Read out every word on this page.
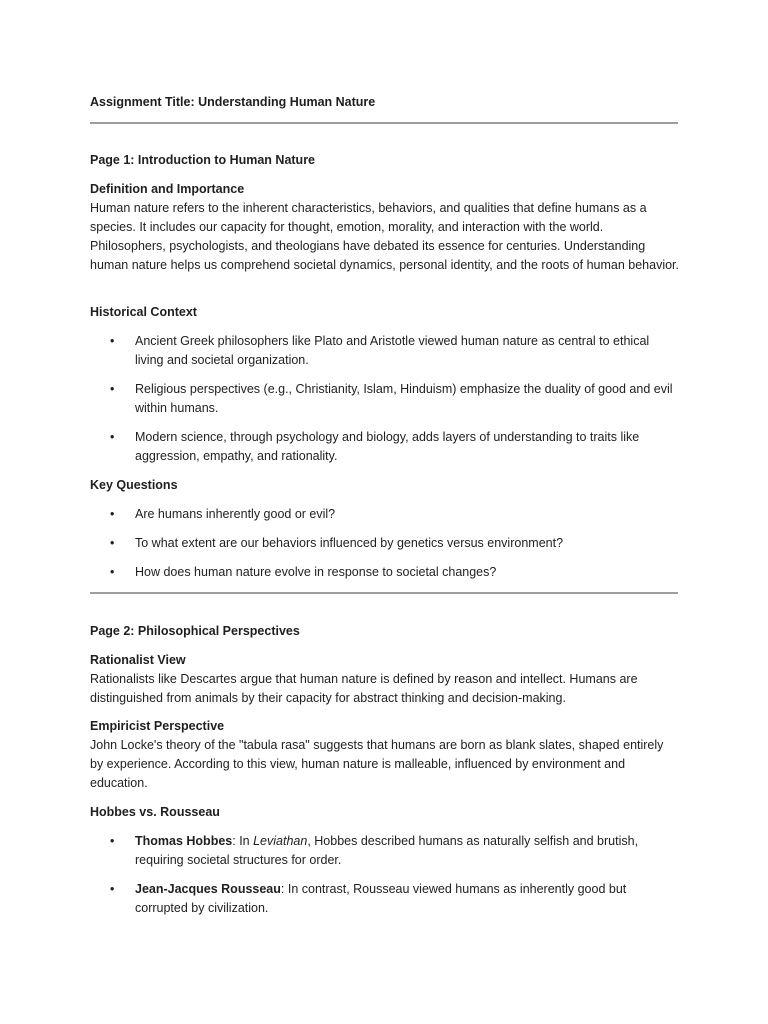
Assignment Title: Understanding Human Nature

Page 1: Introduction to Human Nature

Definition and Importance

Human nature refers to the inherent characteristics, behaviors, and qualities that define humans as a species. It includes our capacity for thought, emotion, morality, and interaction with the world. Philosophers, psychologists, and theologians have debated its essence for centuries. Understanding human nature helps us comprehend societal dynamics, personal identity, and the roots of human behavior.

Historical Context

• Ancient Greek philosophers like Plato and Aristotle viewed human nature as central to ethical living and societal organization.
• Religious perspectives (e.g., Christianity, Islam, Hinduism) emphasize the duality of good and evil within humans.
• Modern science, through psychology and biology, adds layers of understanding to traits like aggression, empathy, and rationality.

Key Questions

• Are humans inherently good or evil?
• To what extent are our behaviors influenced by genetics versus environment?
• How does human nature evolve in response to societal changes?

Page 2: Philosophical Perspectives

Rationalist View

Rationalists like Descartes argue that human nature is defined by reason and intellect. Humans are distinguished from animals by their capacity for abstract thinking and decision-making.

Empiricist Perspective

John Locke's theory of the "tabula rasa" suggests that humans are born as blank slates, shaped entirely by experience. According to this view, human nature is malleable, influenced by environment and education.

Hobbes vs. Rousseau

• Thomas Hobbes: In Leviathan, Hobbes described humans as naturally selfish and brutish, requiring societal structures for order.
• Jean-Jacques Rousseau: In contrast, Rousseau viewed humans as inherently good but corrupted by civilization.
